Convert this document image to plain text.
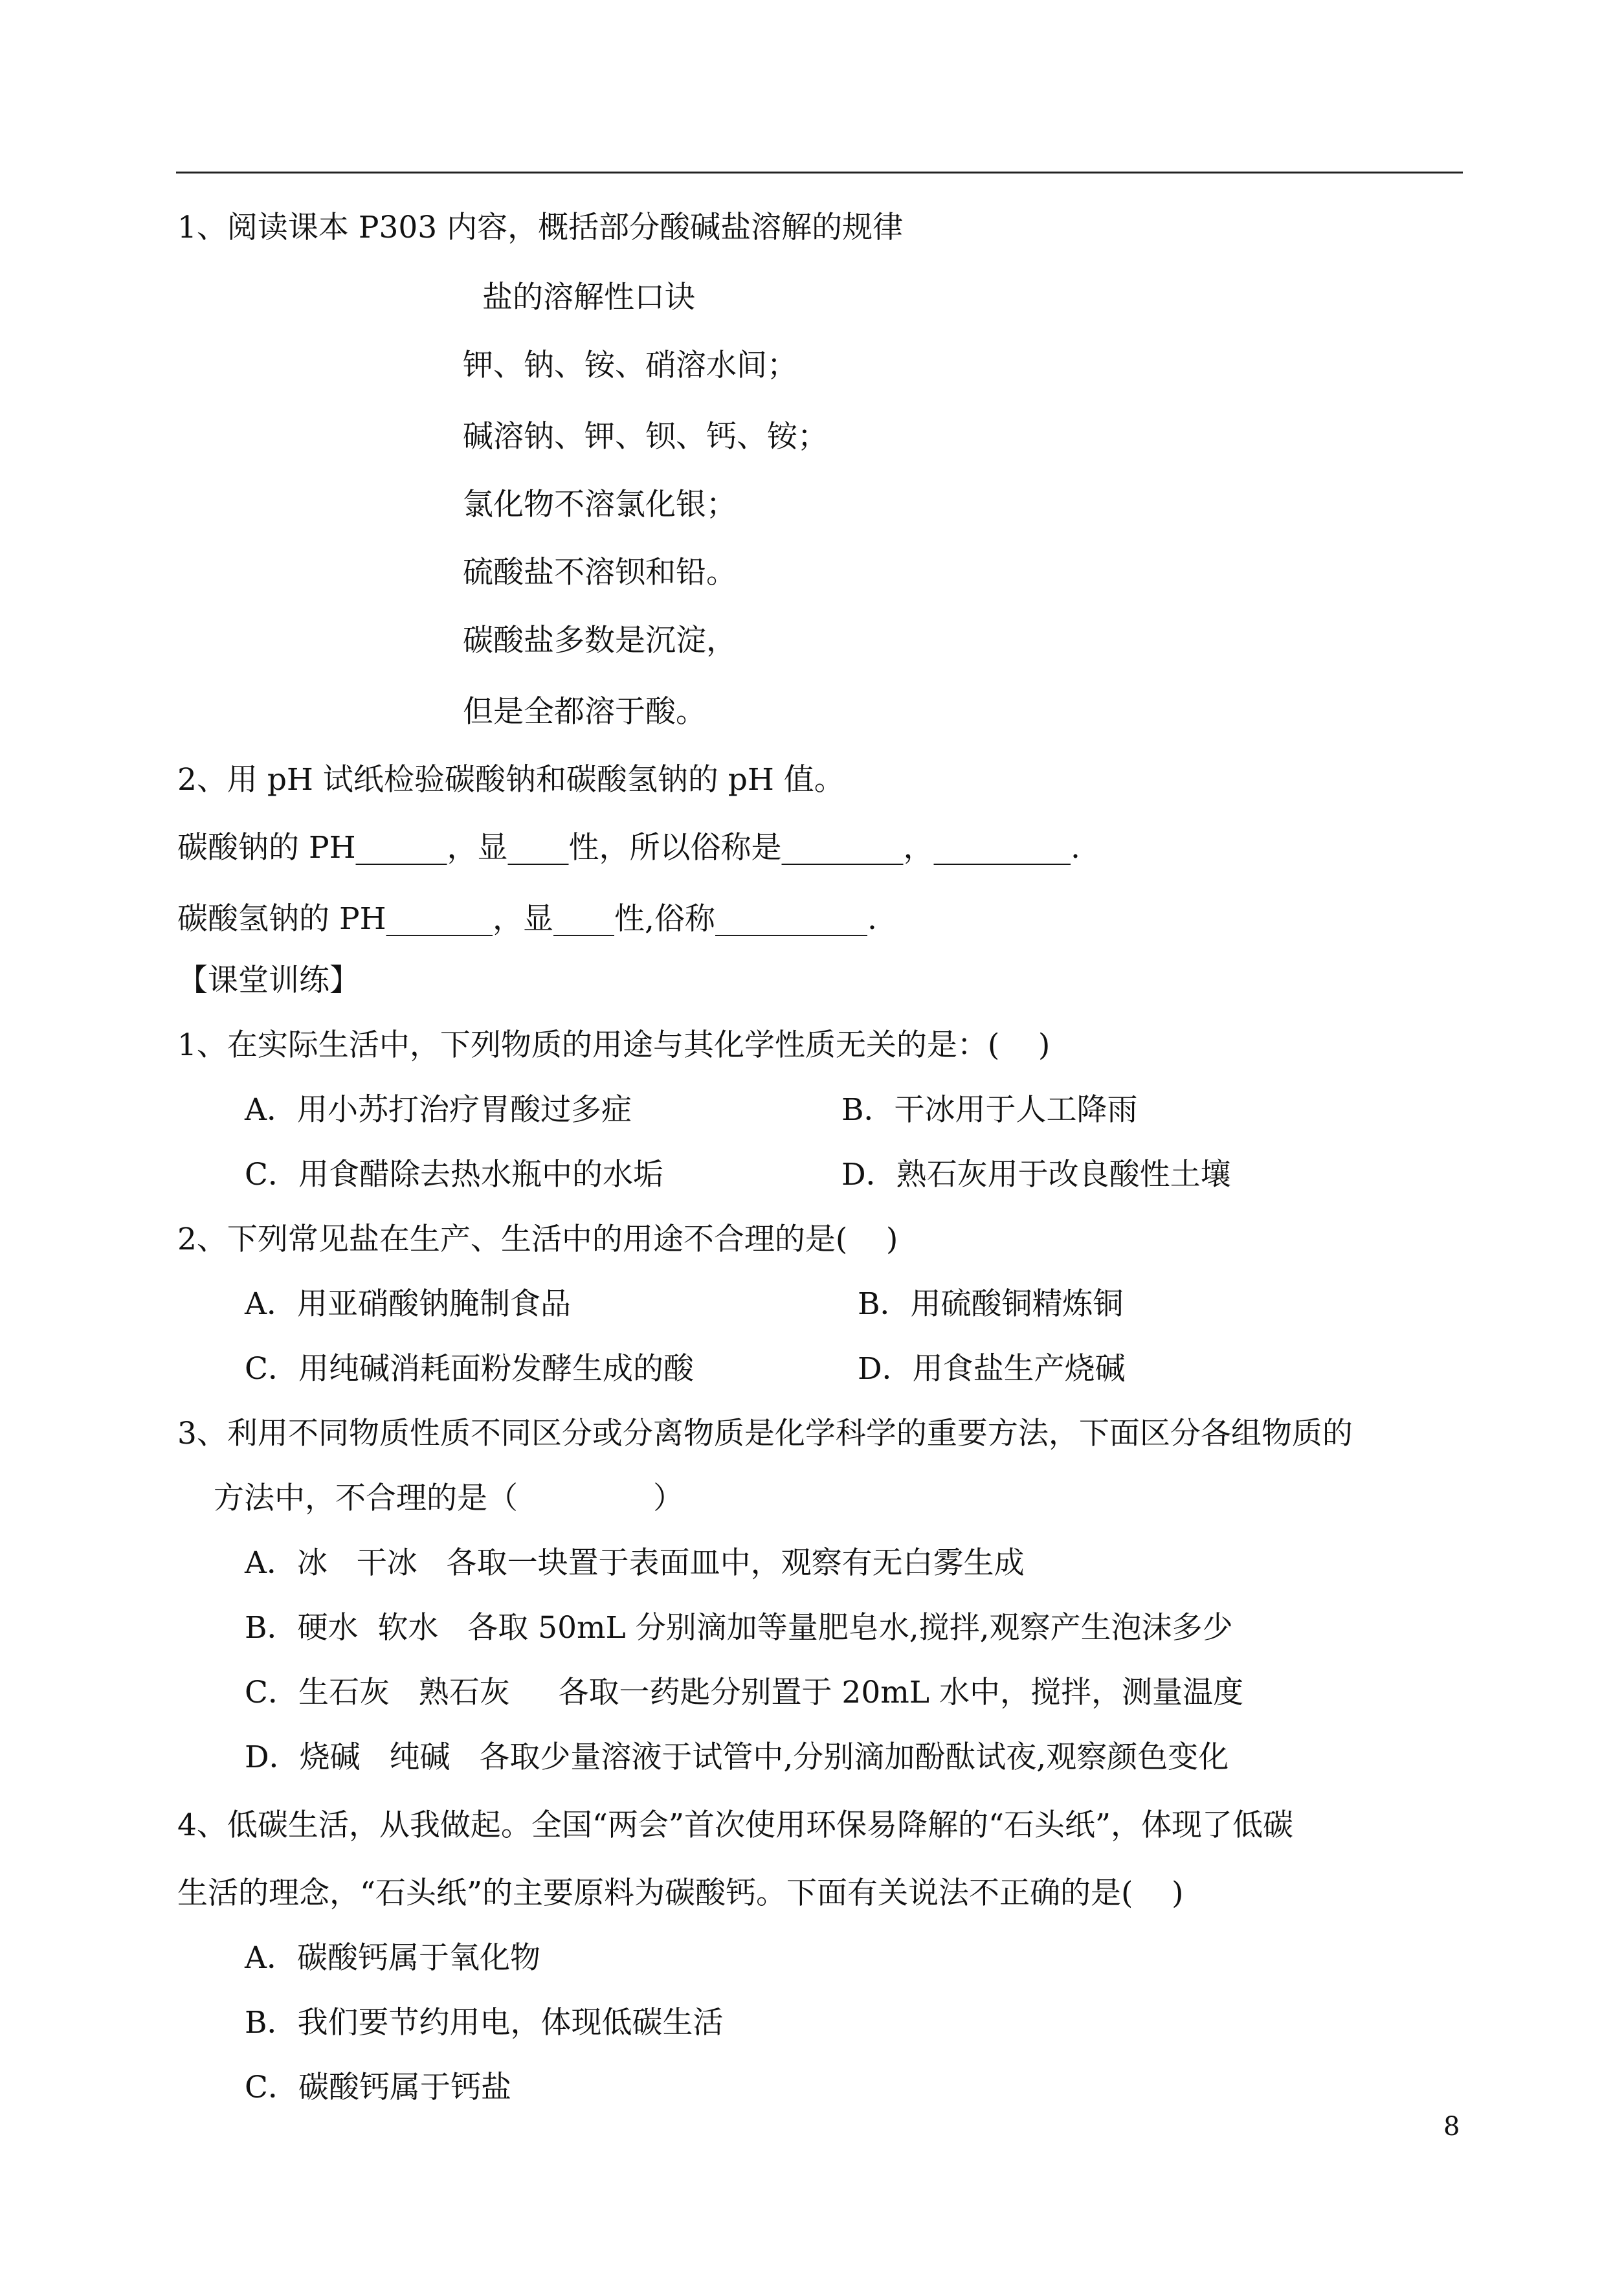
1、阅读课本 P303 内容，概括部分酸碱盐溶解的规律
盐的溶解性口诀
钾、钠、铵、硝溶水间；
碱溶钠、钾、钡、钙、铵；
氯化物不溶氯化银；
硫酸盐不溶钡和铅。
碳酸盐多数是沉淀，
但是全都溶于酸。
2、用 pH 试纸检验碳酸钠和碳酸氢钠的 pH 值。
碳酸钠的 PH______，显____性，所以俗称是________，_________.
碳酸氢钠的 PH_______，显____性,俗称__________.
【课堂训练】
1、在实际生活中，下列物质的用途与其化学性质无关的是：(    )
A．用小苏打治疗胃酸过多症	B．干冰用于人工降雨
C．用食醋除去热水瓶中的水垢	D．熟石灰用于改良酸性土壤
2、下列常见盐在生产、生活中的用途不合理的是(    )
A．用亚硝酸钠腌制食品	B．用硫酸铜精炼铜
C．用纯碱消耗面粉发酵生成的酸	D．用食盐生产烧碱
3、利用不同物质性质不同区分或分离物质是化学科学的重要方法，下面区分各组物质的
方法中，不合理的是（              ）
A．冰   干冰   各取一块置于表面皿中，观察有无白雾生成
B．硬水  软水   各取 50mL 分别滴加等量肥皂水,搅拌,观察产生泡沫多少
C．生石灰   熟石灰     各取一药匙分别置于 20mL 水中，搅拌，测量温度
D．烧碱   纯碱   各取少量溶液于试管中,分别滴加酚酞试夜,观察颜色变化
4、低碳生活，从我做起。全国“两会”首次使用环保易降解的“石头纸”，体现了低碳
生活的理念，“石头纸”的主要原料为碳酸钙。下面有关说法不正确的是(    )
A．碳酸钙属于氧化物
B．我们要节约用电，体现低碳生活
C．碳酸钙属于钙盐
8
